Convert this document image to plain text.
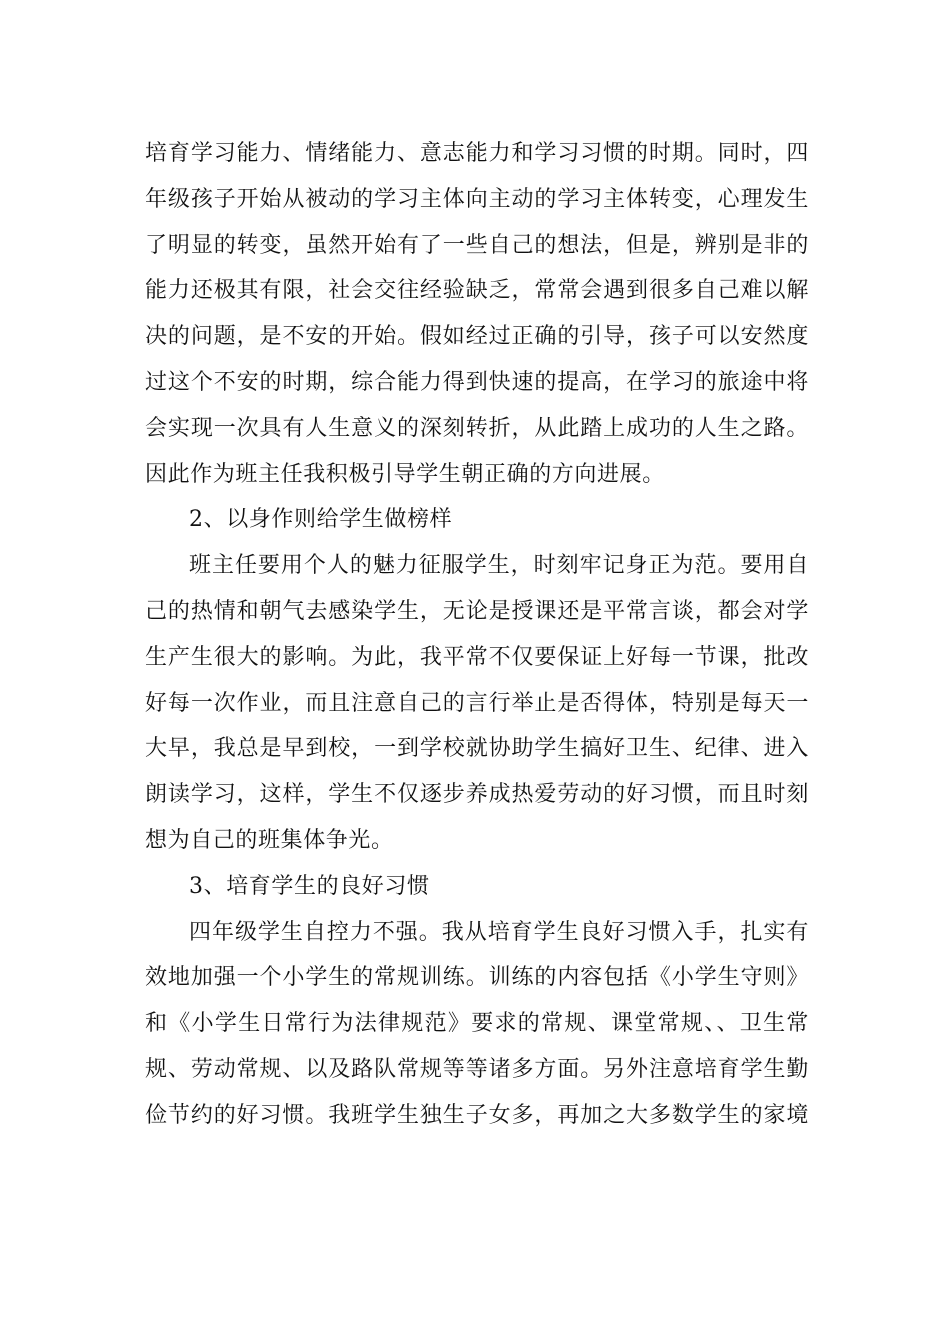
培育学习能力、情绪能力、意志能力和学习习惯的时期。同时，四
年级孩子开始从被动的学习主体向主动的学习主体转变，心理发生
了明显的转变，虽然开始有了一些自己的想法，但是，辨别是非的
能力还极其有限，社会交往经验缺乏，常常会遇到很多自己难以解
决的问题，是不安的开始。假如经过正确的引导，孩子可以安然度
过这个不安的时期，综合能力得到快速的提高，在学习的旅途中将
会实现一次具有人生意义的深刻转折，从此踏上成功的人生之路。
因此作为班主任我积极引导学生朝正确的方向进展。
2、以身作则给学生做榜样
班主任要用个人的魅力征服学生，时刻牢记身正为范。要用自
己的热情和朝气去感染学生，无论是授课还是平常言谈，都会对学
生产生很大的影响。为此，我平常不仅要保证上好每一节课，批改
好每一次作业，而且注意自己的言行举止是否得体，特别是每天一
大早，我总是早到校，一到学校就协助学生搞好卫生、纪律、进入
朗读学习，这样，学生不仅逐步养成热爱劳动的好习惯，而且时刻
想为自己的班集体争光。
3、培育学生的良好习惯
四年级学生自控力不强。我从培育学生良好习惯入手，扎实有
效地加强一个小学生的常规训练。训练的内容包括《小学生守则》
和《小学生日常行为法律规范》要求的常规、课堂常规、、卫生常
规、劳动常规、以及路队常规等等诸多方面。另外注意培育学生勤
俭节约的好习惯。我班学生独生子女多，再加之大多数学生的家境
